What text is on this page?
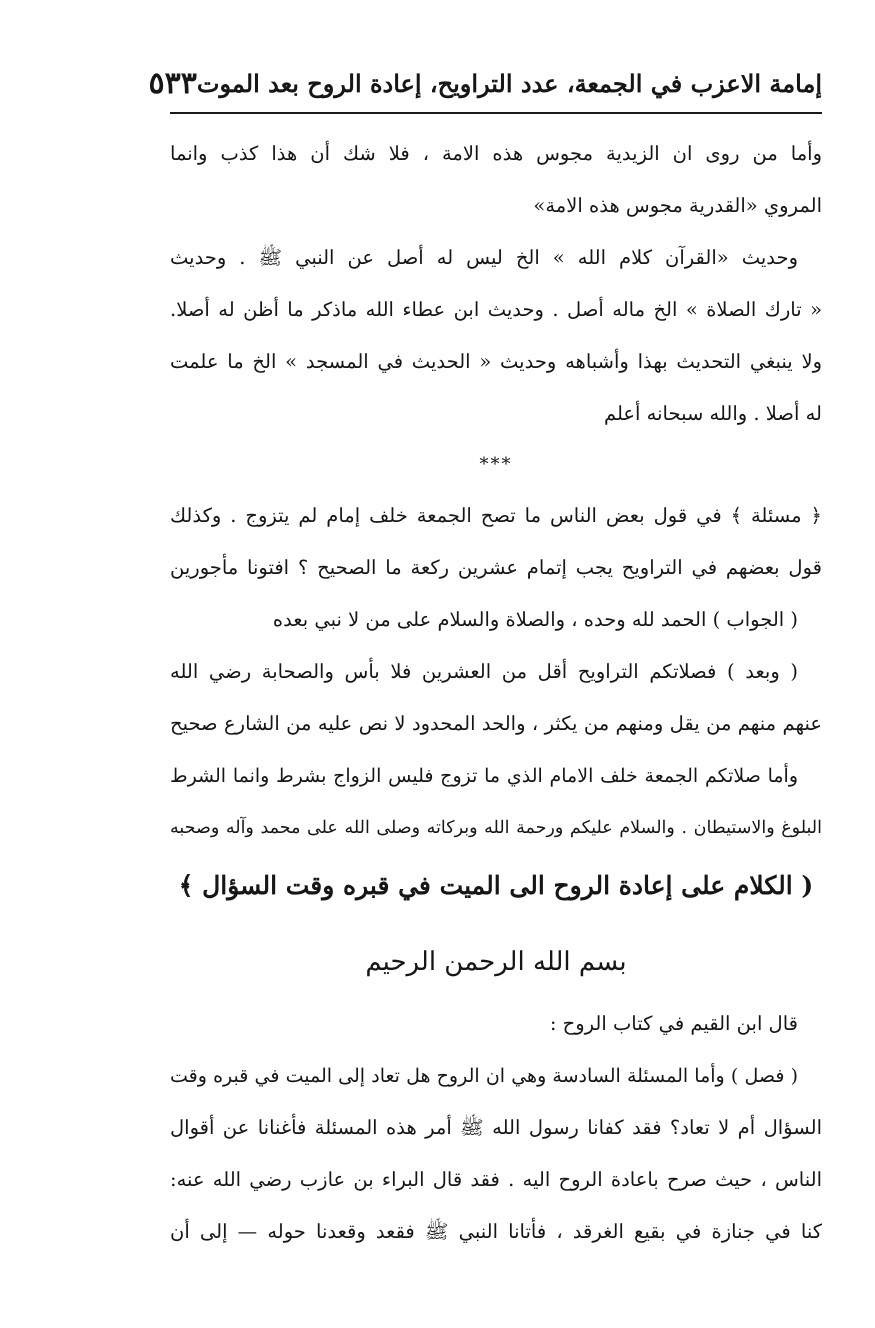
إمامة الاعزب في الجمعة، عدد التراويح، إعادة الروح بعد الموت
٥٣٣
وأما من روى ان الزيدية مجوس هذه الامة ، فلا شك أن هذا كذب وانما
المروي «القدرية مجوس هذه الامة»
وحديث «القرآن كلام الله » الخ ليس له أصل عن النبي ﷺ . وحديث
« تارك الصلاة » الخ ماله أصل . وحديث ابن عطاء الله ماذكر ما أظن له أصلا.
ولا ينبغي التحديث بهذا وأشباهه وحديث « الحديث في المسجد » الخ ما علمت
له أصلا . والله سبحانه أعلم
***
﴿ مسئلة ﴾ في قول بعض الناس ما تصح الجمعة خلف إمام لم يتزوج . وكذلك
قول بعضهم في التراويح يجب إتمام عشرين ركعة ما الصحيح ؟ افتونا مأجورين
( الجواب ) الحمد لله وحده ، والصلاة والسلام على من لا نبي بعده
( وبعد ) فصلاتكم التراويح أقل من العشرين فلا بأس والصحابة رضي الله
عنهم منهم من يقل ومنهم من يكثر ، والحد المحدود لا نص عليه من الشارع صحيح
وأما صلاتكم الجمعة خلف الامام الذي ما تزوج فليس الزواج بشرط وانما الشرط
البلوغ والاستيطان . والسلام عليكم ورحمة الله وبركاته وصلى الله على محمد وآله وصحبه
( الكلام على إعادة الروح الى الميت في قبره وقت السؤال ﴾
بسم الله الرحمن الرحيم
قال ابن القيم في كتاب الروح :
( فصل ) وأما المسئلة السادسة وهي ان الروح هل تعاد إلى الميت في قبره وقت
السؤال أم لا تعاد؟ فقد كفانا رسول الله ﷺ أمر هذه المسئلة فأغنانا عن أقوال
الناس ، حيث صرح باعادة الروح اليه . فقد قال البراء بن عازب رضي الله عنه:
كنا في جنازة في بقيع الغرقد ، فأتانا النبي ﷺ فقعد وقعدنا حوله — إلى أن
